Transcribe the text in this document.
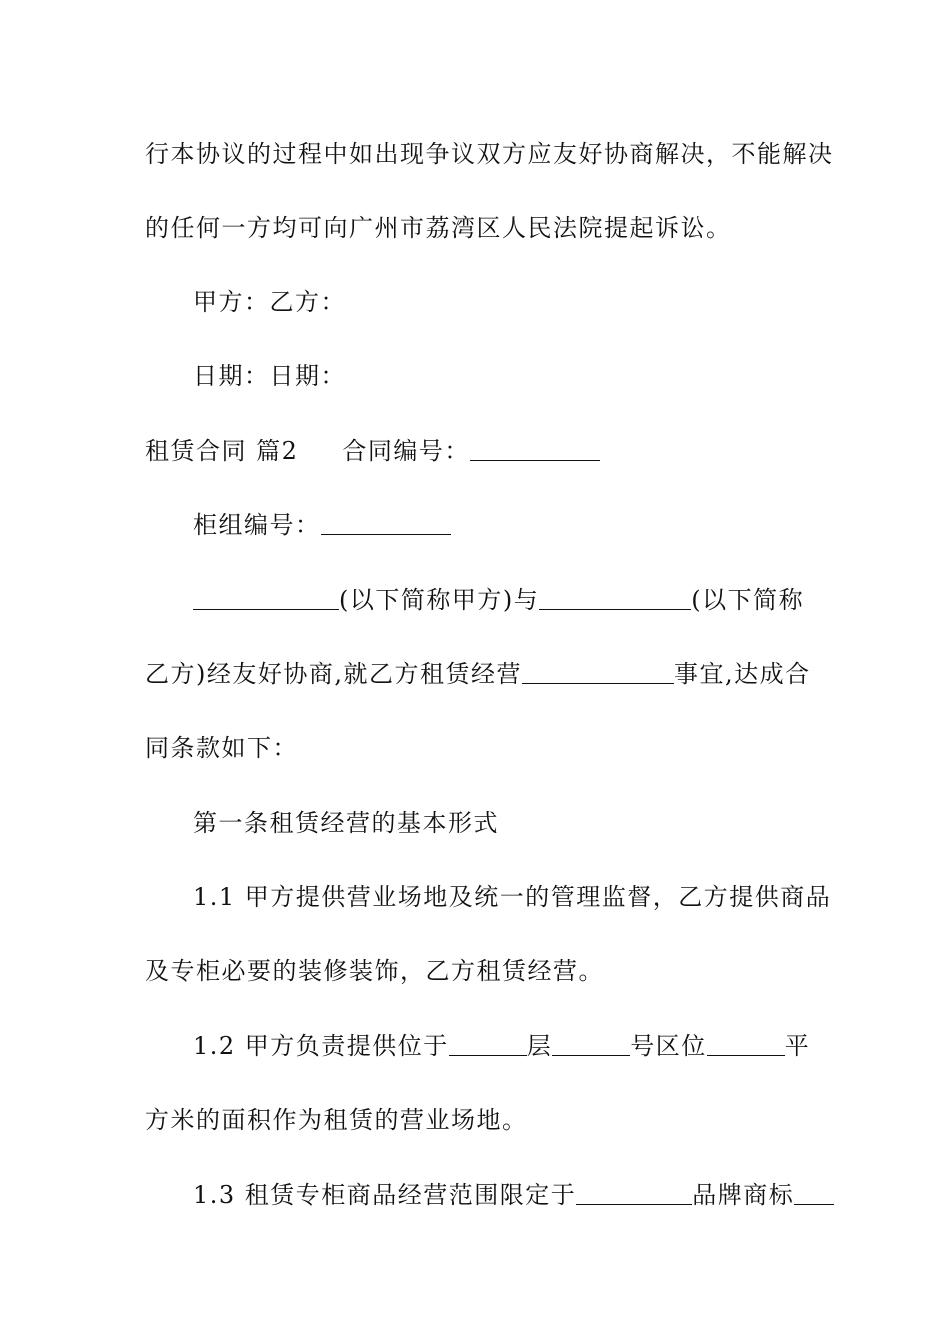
行本协议的过程中如出现争议双方应友好协商解决，不能解决
的任何一方均可向广州市荔湾区人民法院提起诉讼。
甲方：乙方：
日期：日期：
租赁合同 篇2 合同编号：
柜组编号：
(以下简称甲方)与	(以下简称
乙方)经友好协商,就乙方租赁经营	事宜,达成合
同条款如下：
第一条租赁经营的基本形式
1.1 甲方提供营业场地及统一的管理监督，乙方提供商品
及专柜必要的装修装饰，乙方租赁经营。
1.2 甲方负责提供位于	层	号区位	平
方米的面积作为租赁的营业场地。
1.3 租赁专柜商品经营范围限定于	品牌商标
